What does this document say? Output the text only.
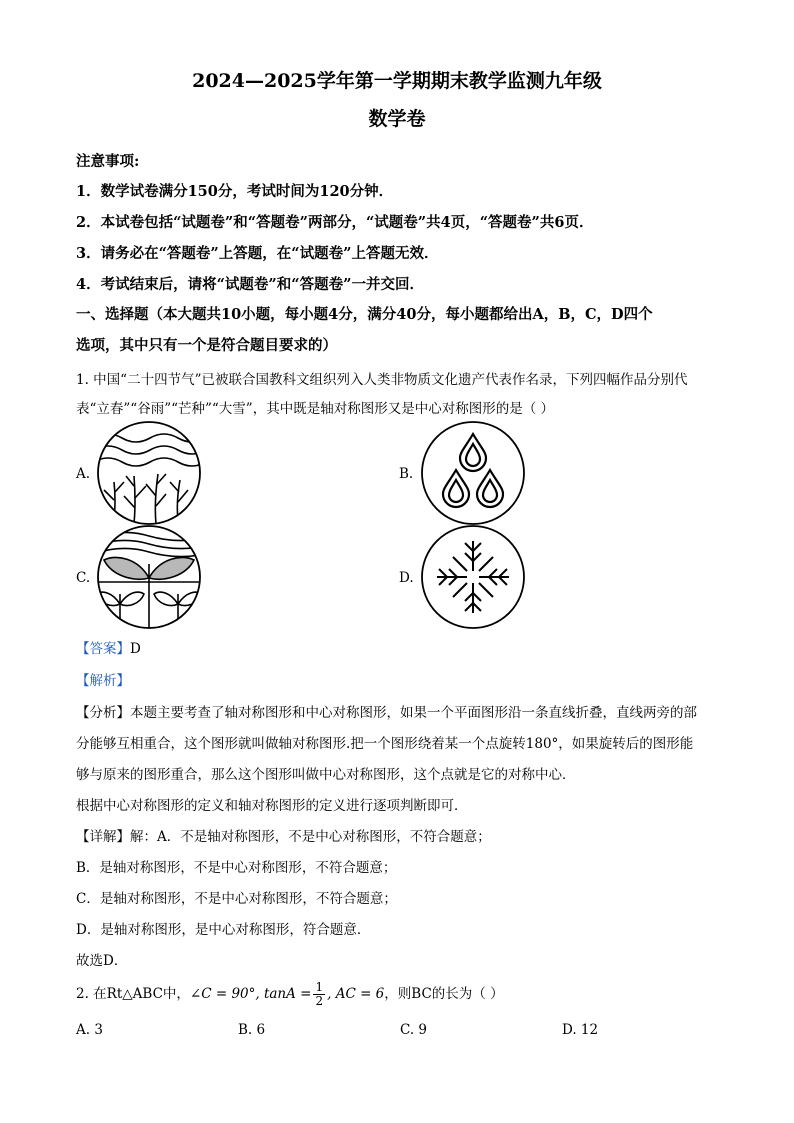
2024—2025学年第一学期期末教学监测九年级
数学卷
注意事项:
1．数学试卷满分150分，考试时间为120分钟．
2．本试卷包括“试题卷”和“答题卷”两部分，“试题卷”共4页，“答题卷”共6页．
3．请务必在“答题卷”上答题，在“试题卷”上答题无效．
4．考试结束后，请将“试题卷”和“答题卷”一并交回．
一、选择题（本大题共10小题，每小题4分，满分40分，每小题都给出A，B，C，D四个
选项，其中只有一个是符合题目要求的）
1. 中国“二十四节气”已被联合国教科文组织列入人类非物质文化遗产代表作名录，下列四幅作品分别代
表“立春”“谷雨”“芒种”“大雪”，其中既是轴对称图形又是中心对称图形的是（ ）
A.	B.
C.	D.
【答案】D
【解析】
【分析】本题主要考查了轴对称图形和中心对称图形，如果一个平面图形沿一条直线折叠，直线两旁的部
分能够互相重合，这个图形就叫做轴对称图形.把一个图形绕着某一个点旋转180°，如果旋转后的图形能
够与原来的图形重合，那么这个图形叫做中心对称图形，这个点就是它的对称中心．
根据中心对称图形的定义和轴对称图形的定义进行逐项判断即可．
【详解】解：A．不是轴对称图形，不是中心对称图形，不符合题意；
B．是轴对称图形，不是中心对称图形，不符合题意；
C．是轴对称图形，不是中心对称图形，不符合题意；
D．是轴对称图形，是中心对称图形，符合题意．
故选D．
2. 在Rt△ABC中，∠C = 90°, $\tan A = \frac{1}{2}$ , AC = 6，则BC的长为（ ）
A. 3	B. 6	C. 9	D. 12
